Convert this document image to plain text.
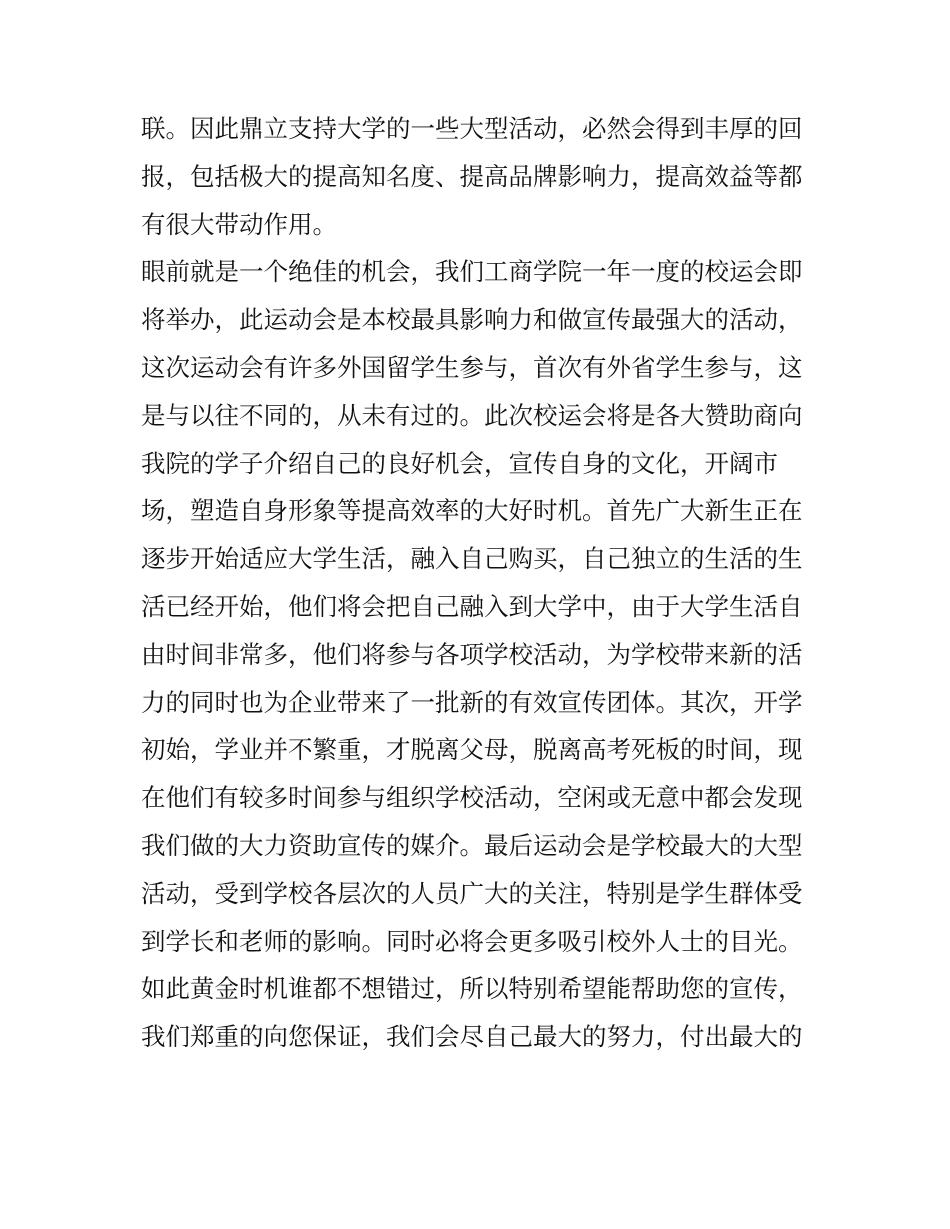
联。因此鼎立支持大学的一些大型活动，必然会得到丰厚的回
报，包括极大的提高知名度、提高品牌影响力，提高效益等都
有很大带动作用。
眼前就是一个绝佳的机会，我们工商学院一年一度的校运会即
将举办，此运动会是本校最具影响力和做宣传最强大的活动，
这次运动会有许多外国留学生参与，首次有外省学生参与，这
是与以往不同的，从未有过的。此次校运会将是各大赞助商向
我院的学子介绍自己的良好机会，宣传自身的文化，开阔市
场，塑造自身形象等提高效率的大好时机。首先广大新生正在
逐步开始适应大学生活，融入自己购买，自己独立的生活的生
活已经开始，他们将会把自己融入到大学中，由于大学生活自
由时间非常多，他们将参与各项学校活动，为学校带来新的活
力的同时也为企业带来了一批新的有效宣传团体。其次，开学
初始，学业并不繁重，才脱离父母，脱离高考死板的时间，现
在他们有较多时间参与组织学校活动，空闲或无意中都会发现
我们做的大力资助宣传的媒介。最后运动会是学校最大的大型
活动，受到学校各层次的人员广大的关注，特别是学生群体受
到学长和老师的影响。同时必将会更多吸引校外人士的目光。
如此黄金时机谁都不想错过，所以特别希望能帮助您的宣传，
我们郑重的向您保证，我们会尽自己最大的努力，付出最大的
